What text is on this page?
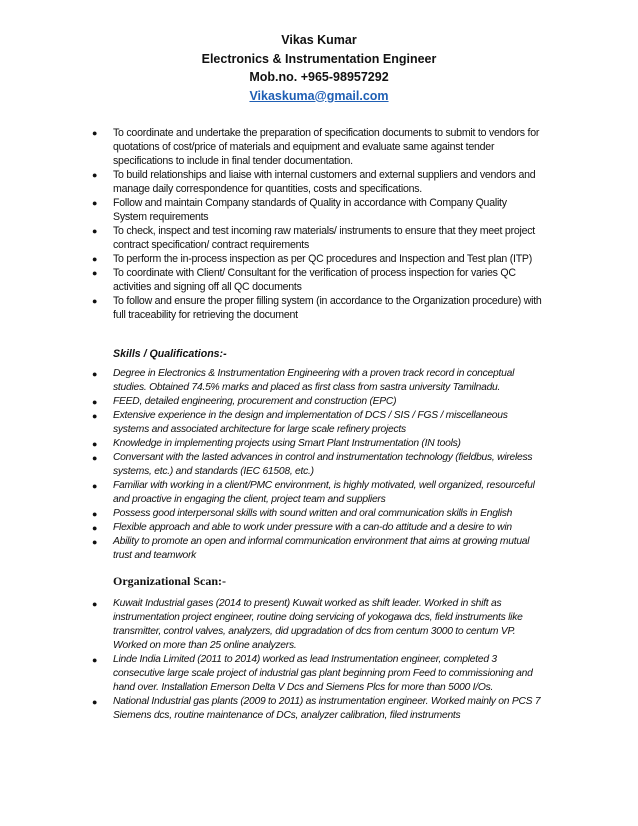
Vikas Kumar
Electronics & Instrumentation Engineer
Mob.no. +965-98957292
Vikaskuma@gmail.com
● To coordinate and undertake the preparation of specification documents to submit to vendors for quotations of cost/price of materials and equipment and evaluate same against tender specifications to include in final tender documentation.
● To build relationships and liaise with internal customers and external suppliers and vendors and manage daily correspondence for quantities, costs and specifications.
● Follow and maintain Company standards of Quality in accordance with Company Quality System requirements
● To check, inspect and test incoming raw materials/ instruments to ensure that they meet project contract specification/ contract requirements
● To perform the in-process inspection as per QC procedures and Inspection and Test plan (ITP)
● To coordinate with Client/ Consultant for the verification of process inspection for varies QC activities and signing off all QC documents
● To follow and ensure the proper filling system (in accordance to the Organization procedure) with full traceability for retrieving the document
Skills / Qualifications:-
● Degree in Electronics & Instrumentation Engineering with a proven track record in conceptual studies. Obtained 74.5% marks and placed as first class from sastra university Tamilnadu.
● FEED, detailed engineering, procurement and construction (EPC)
● Extensive experience in the design and implementation of DCS / SIS / FGS / miscellaneous systems and associated architecture for large scale refinery projects
● Knowledge in implementing projects using Smart Plant Instrumentation (IN tools)
● Conversant with the lasted advances in control and instrumentation technology (fieldbus, wireless systems, etc.) and standards (IEC 61508, etc.)
● Familiar with working in a client/PMC environment, is highly motivated, well organized, resourceful and proactive in engaging the client, project team and suppliers
● Possess good interpersonal skills with sound written and oral communication skills in English
● Flexible approach and able to work under pressure with a can-do attitude and a desire to win
● Ability to promote an open and informal communication environment that aims at growing mutual trust and teamwork
Organizational Scan:-
● Kuwait Industrial gases (2014 to present) Kuwait worked as shift leader. Worked in shift as instrumentation project engineer, routine doing servicing of yokogawa dcs, field instruments like transmitter, control valves, analyzers, did upgradation of dcs from centum 3000 to centum VP. Worked on more than 25 online analyzers.
● Linde India Limited (2011 to 2014) worked as lead Instrumentation engineer, completed 3 consecutive large scale project of industrial gas plant beginning prom Feed to commissioning and hand over. Installation Emerson Delta V Dcs and Siemens Plcs for more than 5000 I/Os.
● National Industrial gas plants (2009 to 2011) as instrumentation engineer. Worked mainly on PCS 7 Siemens dcs, routine maintenance of DCs, analyzer calibration, filed instruments
